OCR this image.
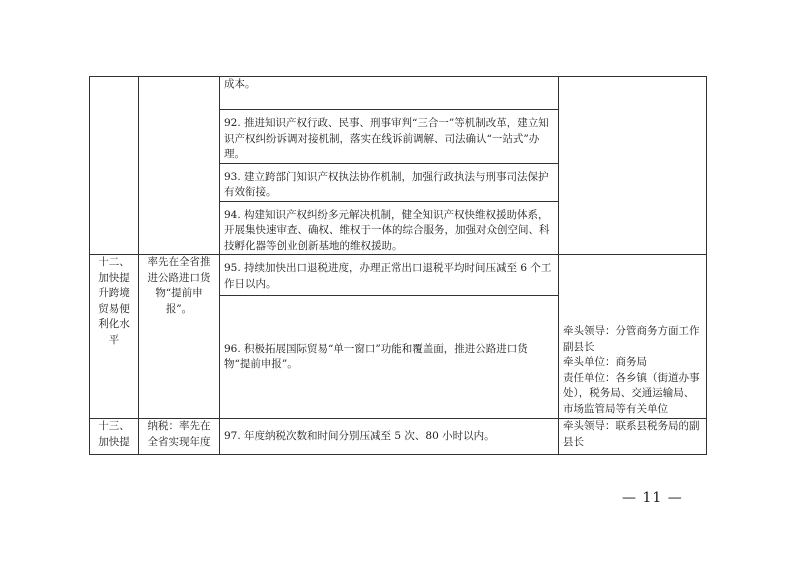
		成本。	

		92. 推进知识产权行政、民事、刑事审判“三合一”等机制改革，建立知识产权纠纷诉调对接机制，落实在线诉前调解、司法确认“一站式”办理。	

		93. 建立跨部门知识产权执法协作机制，加强行政执法与刑事司法保护有效衔接。	

		94. 构建知识产权纠纷多元解决机制，健全知识产权快维权援助体系，开展集快速审查、确权、维权于一体的综合服务，加强对众创空间、科技孵化器等创业创新基地的维权援助。	

十二、加快提升跨境贸易便利化水平	率先在全省推进公路进口货物“提前申报”。	95. 持续加快出口退税进度，办理正常出口退税平均时间压减至 6 个工作日以内。	牵头领导：分管商务方面工作副县长
牵头单位：商务局
责任单位：各乡镇（街道办事处），税务局、交通运输局、市场监管局等有关单位
		96. 积极拓展国际贸易“单一窗口”功能和覆盖面，推进公路进口货物“提前申报”。	
十三、加快提	纳税：率先在全省实现年度	97. 年度纳税次数和时间分别压减至 5 次、80 小时以内。	牵头领导：联系县税务局的副县长
— 11 —
